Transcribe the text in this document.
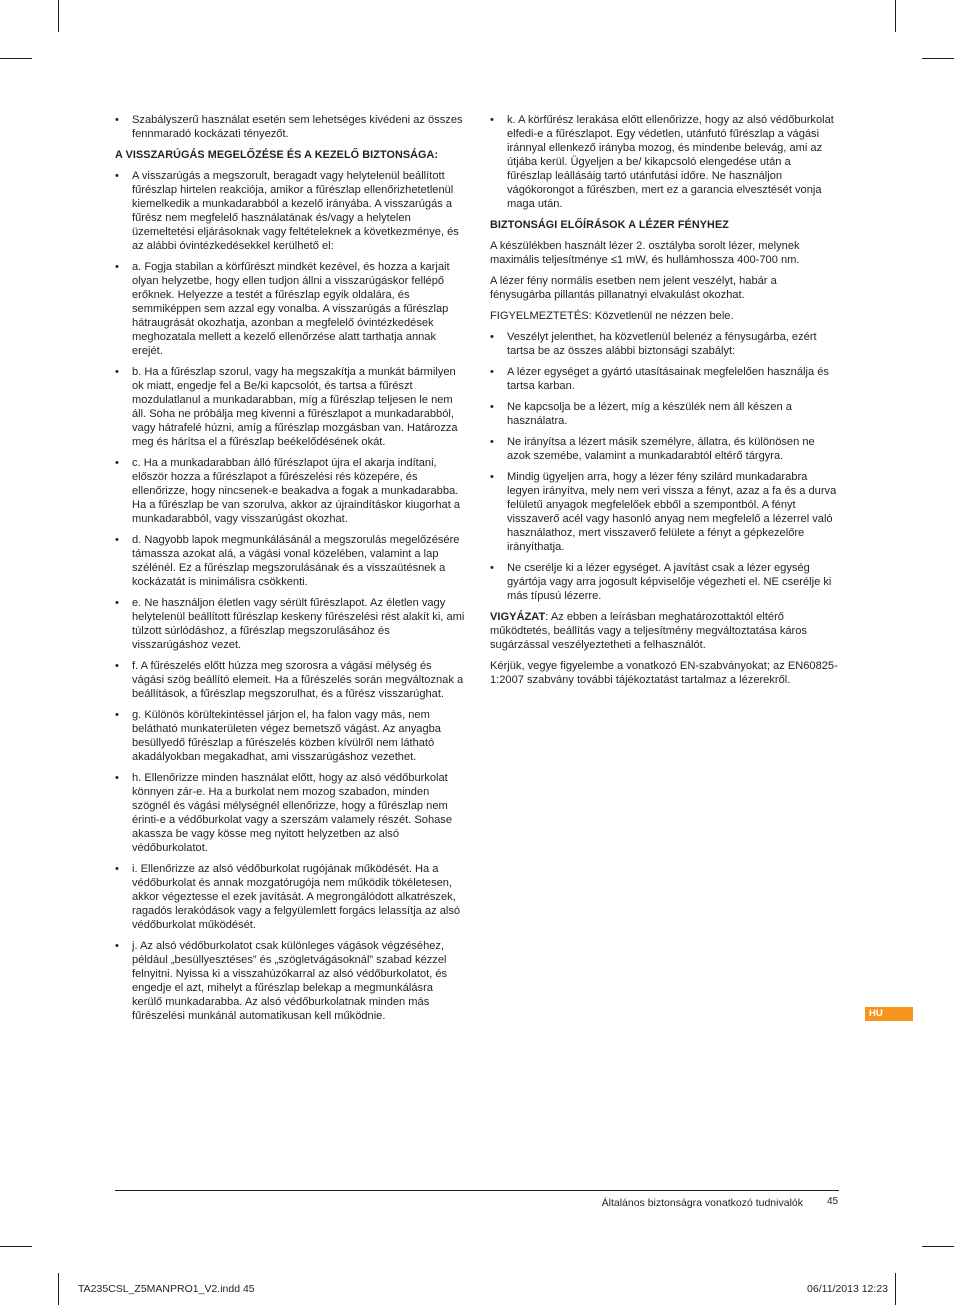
• Szabályszerű használat esetén sem lehetséges kivédeni az összes fennmaradó kockázati tényezőt.
A VISSZARÚGÁS MEGELŐZÉSE ÉS A KEZELŐ BIZTONSÁGA:
• A visszarúgás a megszorult, beragadt vagy helytelenül beállított fűrészlap hirtelen reakciója, amikor a fűrészlap ellenőrizhetetlenül kiemelkedik a munkadarabból a kezelő irányába. A visszarúgás a fűrész nem megfelelő használatának és/vagy a helytelen üzemeltetési eljárásoknak vagy feltételeknek a következménye, és az alábbi óvintézkedésekkel kerülhető el:
• a. Fogja stabilan a körfűrészt mindkét kezével, és hozza a karjait olyan helyzetbe, hogy ellen tudjon állni a visszarúgáskor fellépő erőknek. Helyezze a testét a fűrészlap egyik oldalára, és semmiképpen sem azzal egy vonalba. A visszarúgás a fűrészlap hátraugrását okozhatja, azonban a megfelelő óvintézkedések meghozatala mellett a kezelő ellenőrzése alatt tarthatja annak erejét.
• b. Ha a fűrészlap szorul, vagy ha megszakítja a munkát bármilyen ok miatt, engedje fel a Be/ki kapcsolót, és tartsa a fűrészt mozdulatlanul a munkadarabban, míg a fűrészlap teljesen le nem áll. Soha ne próbálja meg kivenni a fűrészlapot a munkadarabból, vagy hátrafelé húzni, amíg a fűrészlap mozgásban van. Határozza meg és hárítsa el a fűrészlap beékelődésének okát.
• c. Ha a munkadarabban álló fűrészlapot újra el akarja indítani, először hozza a fűrészlapot a fűrészelési rés közepére, és ellenőrizze, hogy nincsenek-e beakadva a fogak a munkadarabba. Ha a fűrészlap be van szorulva, akkor az újraindításkor kiugorhat a munkadarabból, vagy visszarúgást okozhat.
• d. Nagyobb lapok megmunkálásánál a megszorulás megelőzésére támassza azokat alá, a vágási vonal közelében, valamint a lap szélénél. Ez a fűrészlap megszorulásának és a visszaütésnek a kockázatát is minimálisra csökkenti.
• e. Ne használjon életlen vagy sérült fűrészlapot. Az életlen vagy helytelenül beállított fűrészlap keskeny fűrészelési rést alakít ki, ami túlzott súrlódáshoz, a fűrészlap megszorulásához és visszarúgáshoz vezet.
• f. A fűrészelés előtt húzza meg szorosra a vágási mélység és vágási szög beállító elemeit. Ha a fűrészelés során megváltoznak a beállítások, a fűrészlap megszorulhat, és a fűrész visszarúghat.
• g. Különös körültekintéssel járjon el, ha falon vagy más, nem belátható munkaterületen végez bemetsző vágást. Az anyagba besüllyedő fűrészlap a fűrészelés közben kívülről nem látható akadályokban megakadhat, ami visszarúgáshoz vezethet.
• h. Ellenőrizze minden használat előtt, hogy az alsó védőburkolat könnyen zár-e. Ha a burkolat nem mozog szabadon, minden szögnél és vágási mélységnél ellenőrizze, hogy a fűrészlap nem érinti-e a védőburkolat vagy a szerszám valamely részét. Sohase akassza be vagy kösse meg nyitott helyzetben az alsó védőburkolatot.
• i. Ellenőrizze az alsó védőburkolat rugójának működését. Ha a védőburkolat és annak mozgatórugója nem működik tökéletesen, akkor végeztesse el ezek javítását. A megrongálódott alkatrészek, ragadós lerakódások vagy a felgyülemlett forgács lelassítja az alsó védőburkolat működését.
• j. Az alsó védőburkolatot csak különleges vágások végzéséhez, például „besüllyesztéses” és „szögletvágásoknál” szabad kézzel felnyitni. Nyissa ki a visszahúzókarral az alsó védőburkolatot, és engedje el azt, mihelyt a fűrészlap belekap a megmunkálásra kerülő munkadarabba. Az alsó védőburkolatnak minden más fűrészelési munkánál automatikusan kell működnie.
• k. A körfűrész lerakása előtt ellenőrizze, hogy az alsó védőburkolat elfedi-e a fűrészlapot. Egy védetlen, utánfutó fűrészlap a vágási iránnyal ellenkező irányba mozog, és mindenbe belevág, ami az útjába kerül. Ügyeljen a be/ kikapcsoló elengedése után a fűrészlap leállásáig tartó utánfutási időre. Ne használjon vágókorongot a fűrészben, mert ez a garancia elvesztését vonja maga után.
BIZTONSÁGI ELŐÍRÁSOK A LÉZER FÉNYHEZ

A készülékben használt lézer 2. osztályba sorolt lézer, melynek maximális teljesítménye ≤1 mW, és hullámhossza 400-700 nm.

A lézer fény normális esetben nem jelent veszélyt, habár a fénysugárba pillantás pillanatnyi elvakulást okozhat.

FIGYELMEZTETÉS: Közvetlenül ne nézzen bele.

• Veszélyt jelenthet, ha közvetlenül belenéz a fénysugárba, ezért tartsa be az összes alábbi biztonsági szabályt:
• A lézer egységet a gyártó utasításainak megfelelően használja és tartsa karban.
• Ne kapcsolja be a lézert, míg a készülék nem áll készen a használatra.
• Ne irányítsa a lézert másik személyre, állatra, és különösen ne azok szemébe, valamint a munkadarabtól eltérő tárgyra.
• Mindig ügyeljen arra, hogy a lézer fény szilárd munkadarabra legyen irányítva, mely nem veri vissza a fényt, azaz a fa és a durva felületű anyagok megfelelőek ebből a szempontból. A fényt visszaverő acél vagy hasonló anyag nem megfelelő a lézerrel való használathoz, mert visszaverő felülete a fényt a gépkezelőre irányíthatja.
• Ne cserélje ki a lézer egységet. A javítást csak a lézer egység gyártója vagy arra jogosult képviselője végezheti el. NE cserélje ki más típusú lézerre.

VIGYÁZAT: Az ebben a leírásban meghatározottaktól eltérő működtetés, beállítás vagy a teljesítmény megváltoztatása káros sugárzással veszélyeztetheti a felhasználót.

Kérjük, vegye figyelembe a vonatkozó EN-szabványokat; az EN60825-1:2007 szabvány további tájékoztatást tartalmaz a lézerekről.

HU
Általános biztonságra vonatkozó tudnivalók 45
TA235CSL_Z5MANPRO1_V2.indd 45	06/11/2013 12:23
